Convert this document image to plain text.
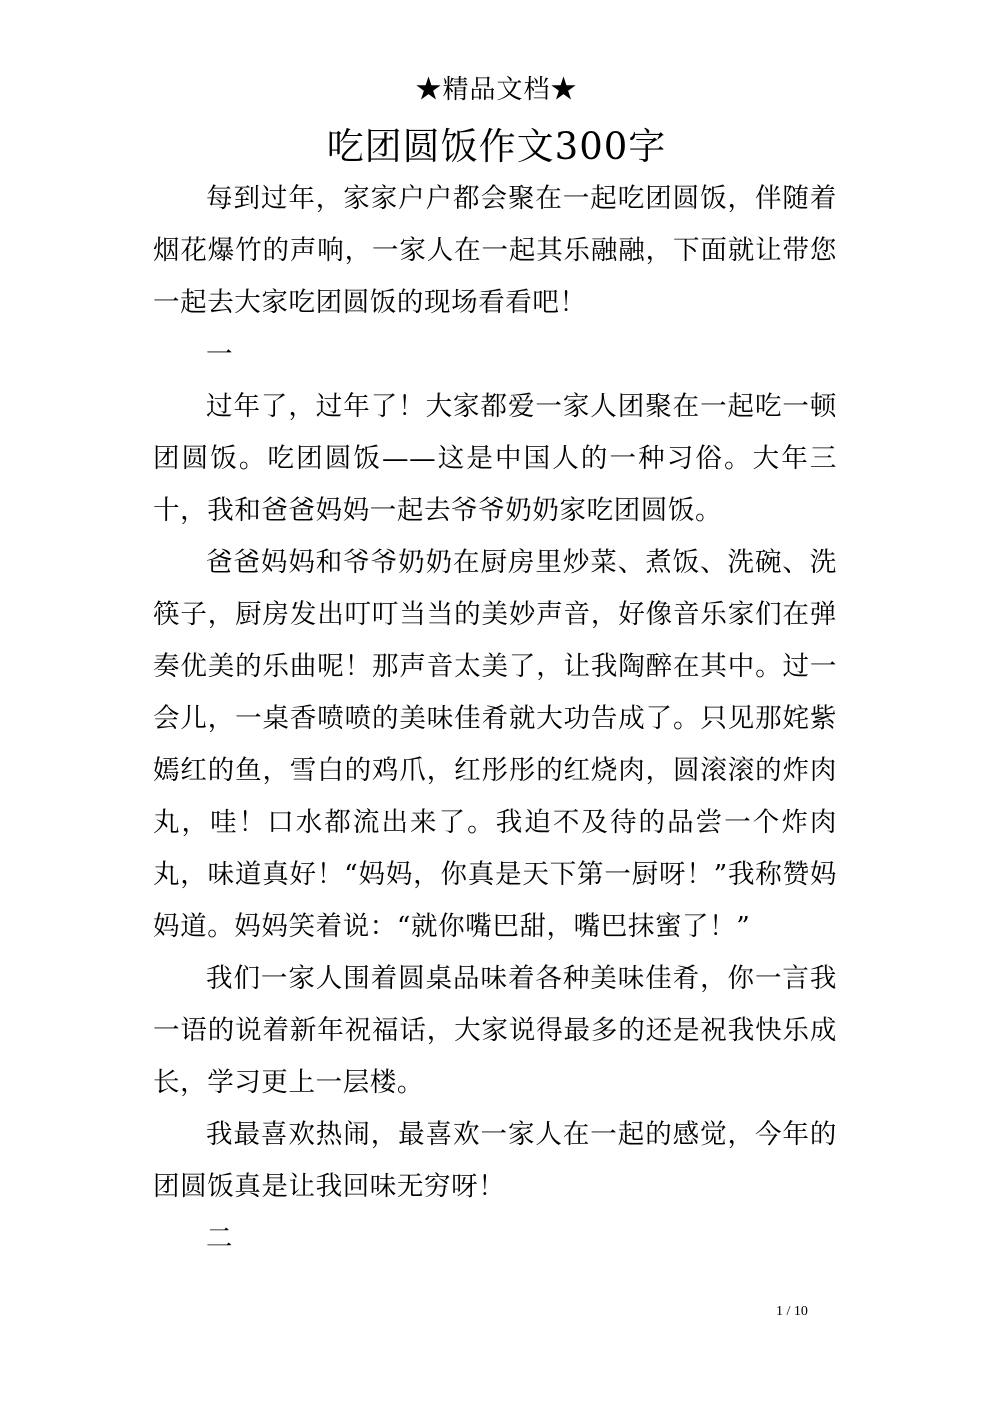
★精品文档★
吃团圆饭作文300字

每到过年，家家户户都会聚在一起吃团圆饭，伴随着烟花爆竹的声响，一家人在一起其乐融融，下面就让带您一起去大家吃团圆饭的现场看看吧！

一

过年了，过年了！大家都爱一家人团聚在一起吃一顿团圆饭。吃团圆饭——这是中国人的一种习俗。大年三十，我和爸爸妈妈一起去爷爷奶奶家吃团圆饭。

爸爸妈妈和爷爷奶奶在厨房里炒菜、煮饭、洗碗、洗筷子，厨房发出叮叮当当的美妙声音，好像音乐家们在弹奏优美的乐曲呢！那声音太美了，让我陶醉在其中。过一会儿，一桌香喷喷的美味佳肴就大功告成了。只见那姹紫嫣红的鱼，雪白的鸡爪，红彤彤的红烧肉，圆滚滚的炸肉丸，哇！口水都流出来了。我迫不及待的品尝一个炸肉丸，味道真好！“妈妈，你真是天下第一厨呀！”我称赞妈妈道。妈妈笑着说：“就你嘴巴甜，嘴巴抹蜜了！”

我们一家人围着圆桌品味着各种美味佳肴，你一言我一语的说着新年祝福话，大家说得最多的还是祝我快乐成长，学习更上一层楼。

我最喜欢热闹，最喜欢一家人在一起的感觉，今年的团圆饭真是让我回味无穷呀！

二

1 / 10
